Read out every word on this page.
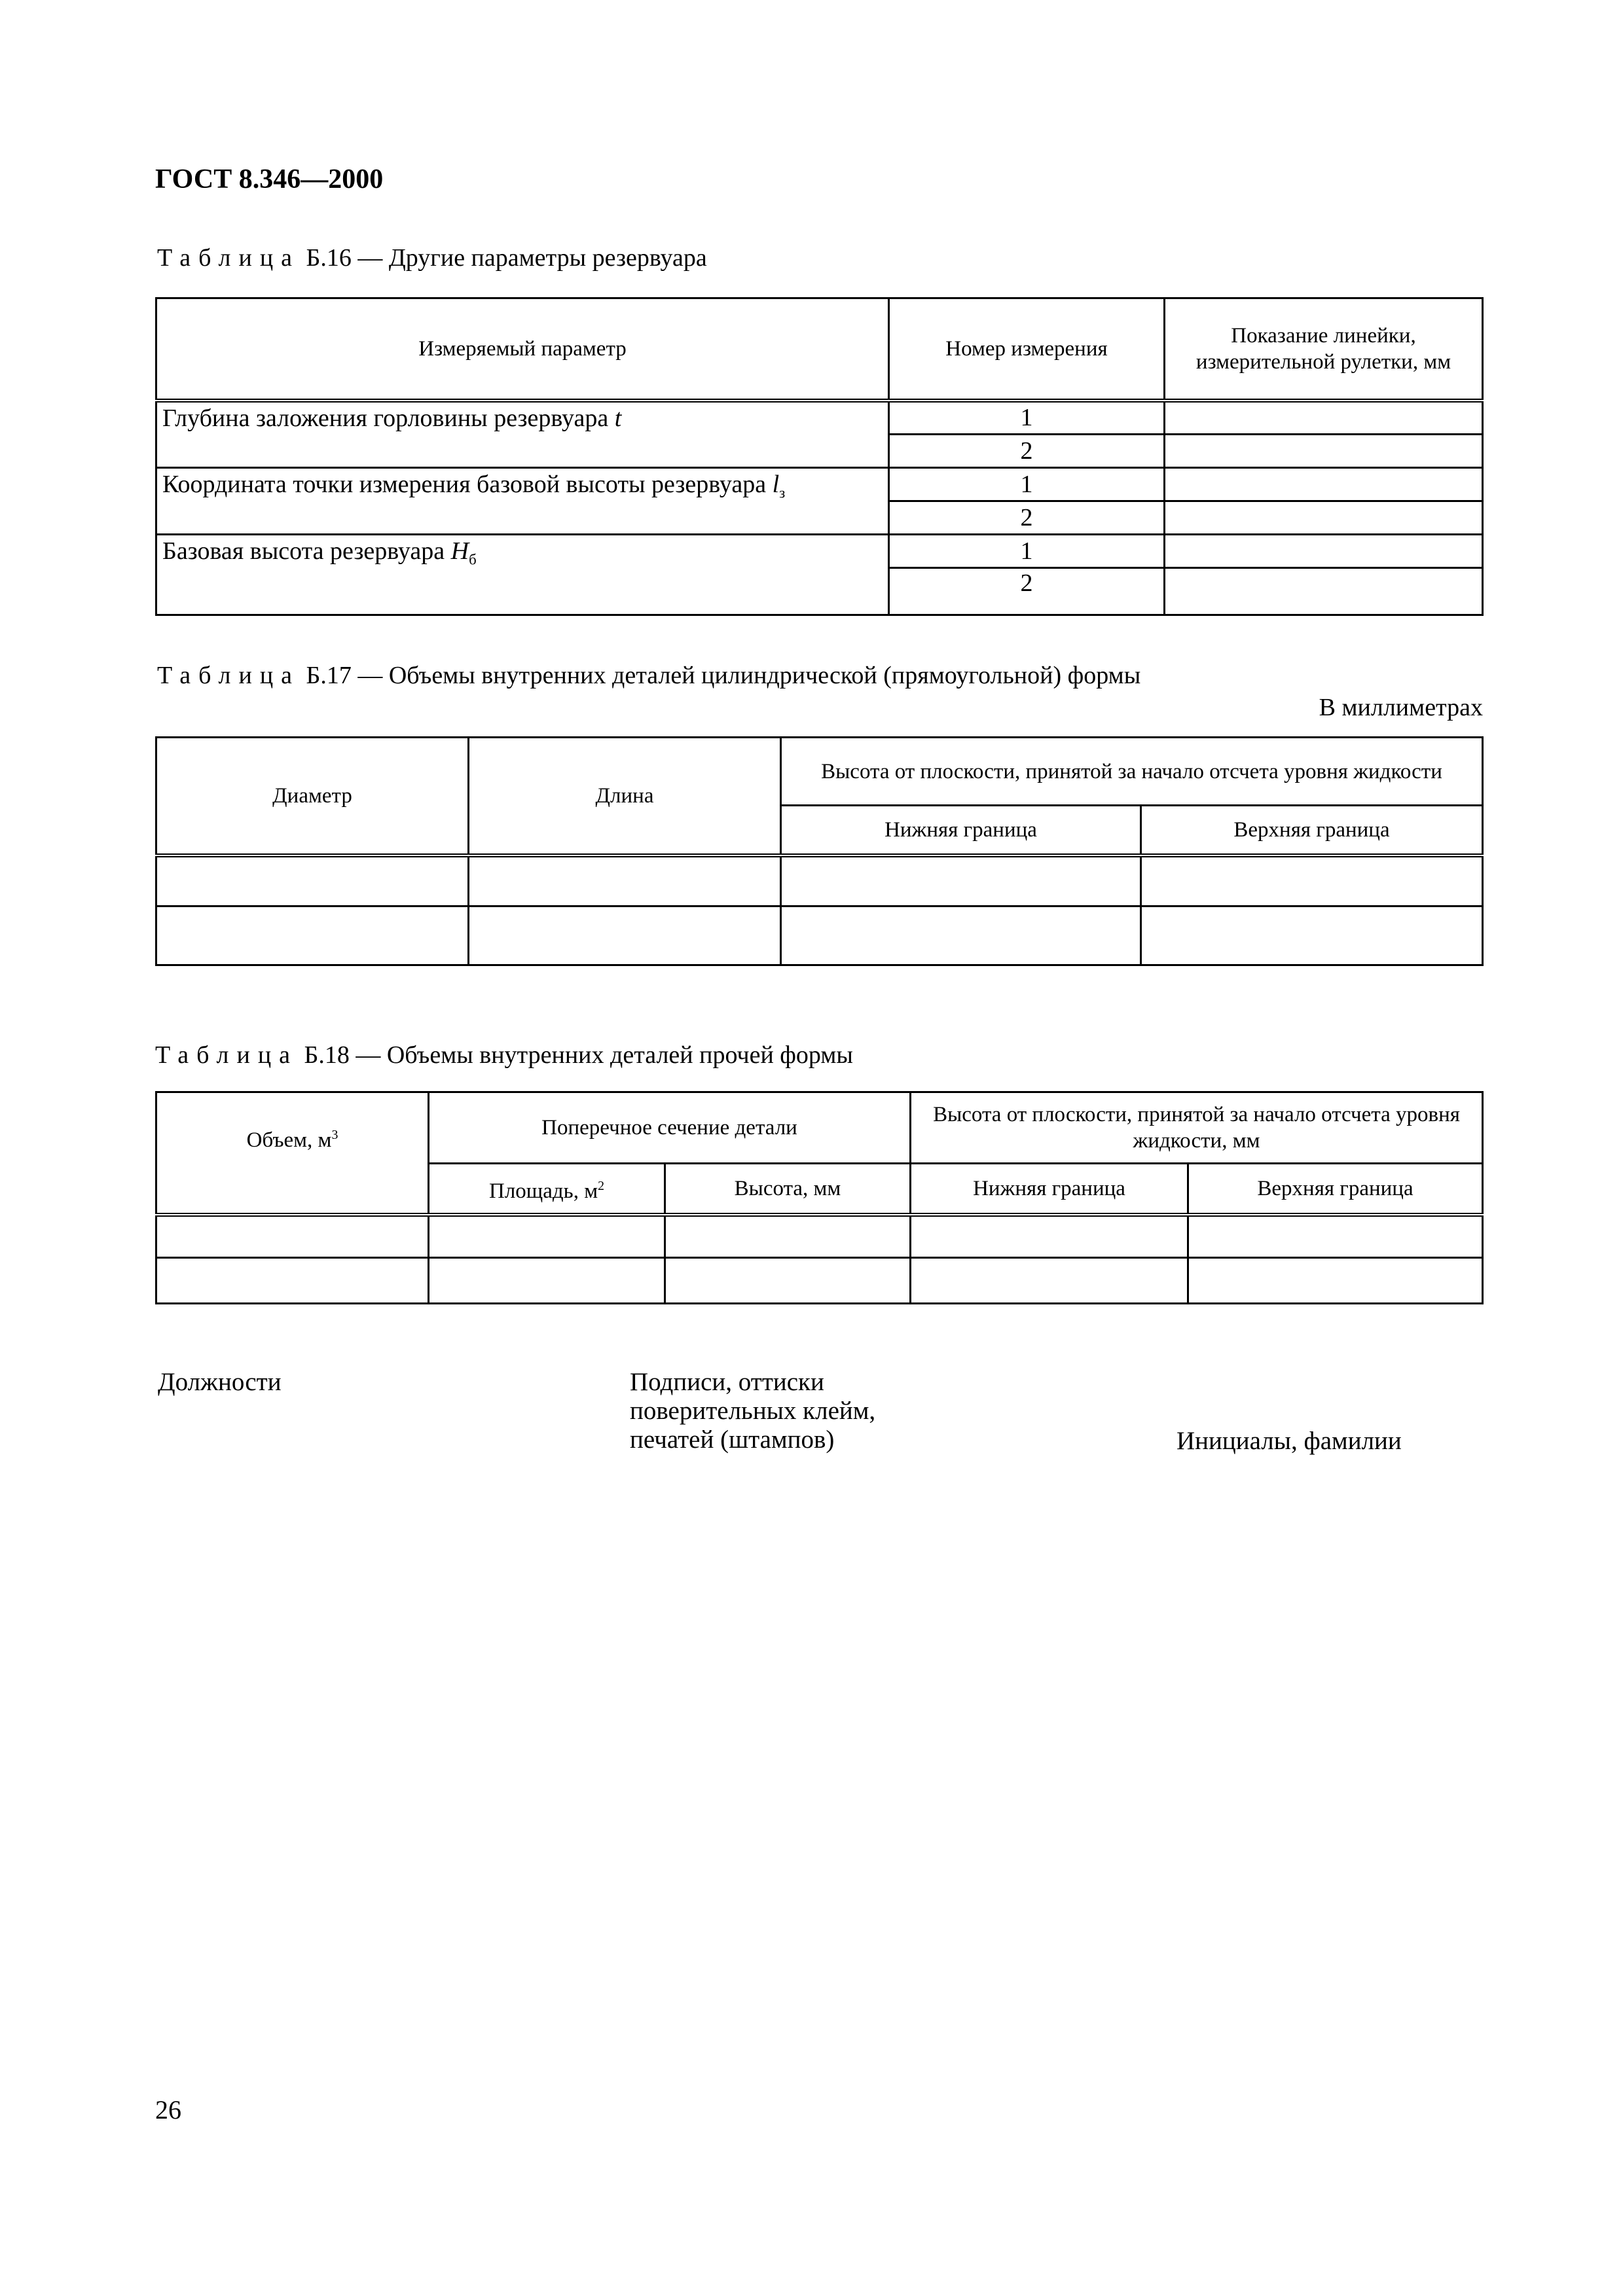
ГОСТ 8.346—2000
Таблица Б.16 — Другие параметры резервуара
Измеряемый параметр	Номер измерения	Показание линейки, измерительной рулетки, мм
Глубина заложения горловины резервуара t	1	
	2	
Координата точки измерения базовой высоты резервуара $l_з$	1	
	2	
Базовая высота резервуара $H_б$	1	
	2	
Таблица Б.17 — Объемы внутренних деталей цилиндрической (прямоугольной) формы
В миллиметрах
Диаметр	Длина	Высота от плоскости, принятой за начало отсчета уровня жидкости	
		Нижняя граница	Верхняя граница

Таблица Б.18 — Объемы внутренних деталей прочей формы
Объем, $м^3$	Поперечное сечение детали		Высота от плоскости, принятой за начало отсчета уровня жидкости, мм	
	Площадь, $м^2$	Высота, мм	Нижняя граница	Верхняя граница

Должности	Подписи, оттиски
поверительных клейм,
печатей (штампов)	Инициалы, фамилии
26
